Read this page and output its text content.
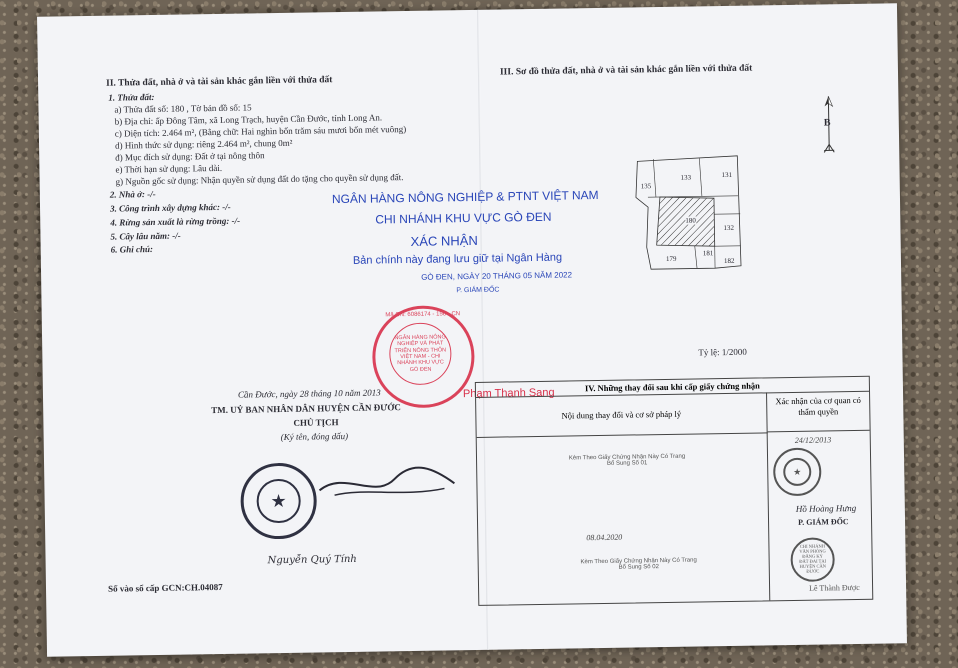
II. Thửa đất, nhà ở và tài sản khác gắn liền với thửa đất
1. Thửa đất:
a) Thửa đất số: 180 , Tờ bản đồ số: 15
b) Địa chỉ: ấp Đông Tâm, xã Long Trạch, huyện Cần Đước, tỉnh Long An.
c) Diện tích: 2.464 m², (Bằng chữ: Hai nghìn bốn trăm sáu mươi bốn mét vuông)
d) Hình thức sử dụng: riêng 2.464 m², chung 0m²
đ) Mục đích sử dụng: Đất ở tại nông thôn
e) Thời hạn sử dụng: Lâu dài.
g) Nguồn gốc sử dụng: Nhận quyền sử dụng đất do tặng cho quyền sử dụng đất.
2. Nhà ở: -/-
3. Công trình xây dựng khác: -/-
4. Rừng sản xuất là rừng trồng: -/-
5. Cây lâu năm: -/-
6. Ghi chú:
Cần Đước, ngày 28 tháng 10 năm 2013
TM. UỶ BAN NHÂN DÂN HUYỆN CẦN ĐƯỚC
CHỦ TỊCH
(Ký tên, đóng dấu)
★
Nguyễn Quý Tính
Số vào sổ cấp GCN:CH.04087
NGÂN HÀNG NÔNG NGHIỆP & PTNT VIỆT NAM
CHI NHÁNH KHU VỰC GÒ ĐEN
XÁC NHẬN
Bản chính này đang lưu giữ tại Ngân Hàng
GÒ ĐEN, NGÀY 20 THÁNG 05 NĂM 2022
P. GIÁM ĐỐC
Mã CN: 6086174 - 156 - CN
NGÂN HÀNG NÔNG NGHIỆP VÀ PHÁT TRIỂN NÔNG THÔN VIỆT NAM - CHI NHÁNH KHU VỰC GÒ ĐEN
Phạm Thanh Sang
III. Sơ đồ thửa đất, nhà ở và tài sản khác gắn liền với thửa đất
B
135
133	131
180
132
179
181
182
Tỷ lệ: 1/2000
IV. Những thay đổi sau khi cấp giấy chứng nhận
Nội dung thay đổi và cơ sở pháp lý
Xác nhận của cơ quan có thẩm quyền
Kèm Theo Giấy Chứng Nhận Này Có Trang Bổ Sung Số 01
24/12/2013
★
Hồ Hoàng Hưng
P. GIÁM ĐỐC
08.04.2020
Kèm Theo Giấy Chứng Nhận Này Có Trang Bổ Sung Số 02
CHI NHÁNH VĂN PHÒNG ĐĂNG KÝ ĐẤT ĐAI TẠI HUYỆN CẦN ĐƯỚC
Lê Thành Được
